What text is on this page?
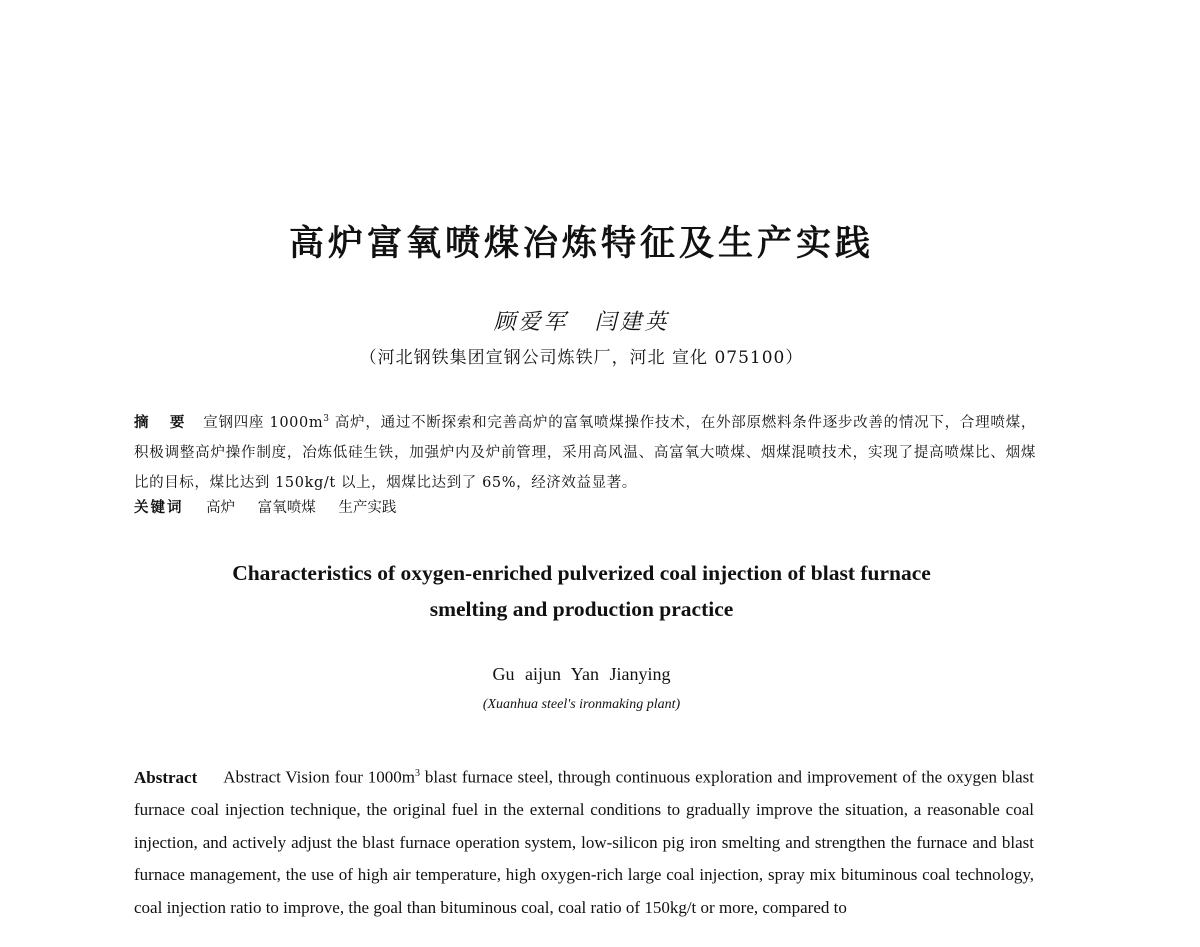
高炉富氧喷煤冶炼特征及生产实践
顾爱军 闫建英
（河北钢铁集团宣钢公司炼铁厂，河北 宣化 075100）
摘 要 宣钢四座 $1000m^3$ 高炉，通过不断探索和完善高炉的富氧喷煤操作技术，在外部原燃料条件逐步改善的情况下，合理喷煤，积极调整高炉操作制度，冶炼低硅生铁，加强炉内及炉前管理，采用高风温、高富氧大喷煤、烟煤混喷技术，实现了提高喷煤比、烟煤比的目标，煤比达到 150kg/t 以上，烟煤比达到了 65%，经济效益显著。
关键词 高炉 富氧喷煤 生产实践
Characteristics of oxygen-enriched pulverized coal injection of blast furnace
smelting and production practice
Gu aijun Yan Jianying
(Xuanhua steel's ironmaking plant)
Abstract Abstract Vision four $1000m^3$ blast furnace steel, through continuous exploration and improvement of the oxygen blast furnace coal injection technique, the original fuel in the external conditions to gradually improve the situation, a reasonable coal injection, and actively adjust the blast furnace operation system, low-silicon pig iron smelting and strengthen the furnace and blast furnace management, the use of high air temperature, high oxygen-rich large coal injection, spray mix bituminous coal technology, coal injection ratio to improve, the goal than bituminous coal, coal ratio of 150kg/t or more, compared to
